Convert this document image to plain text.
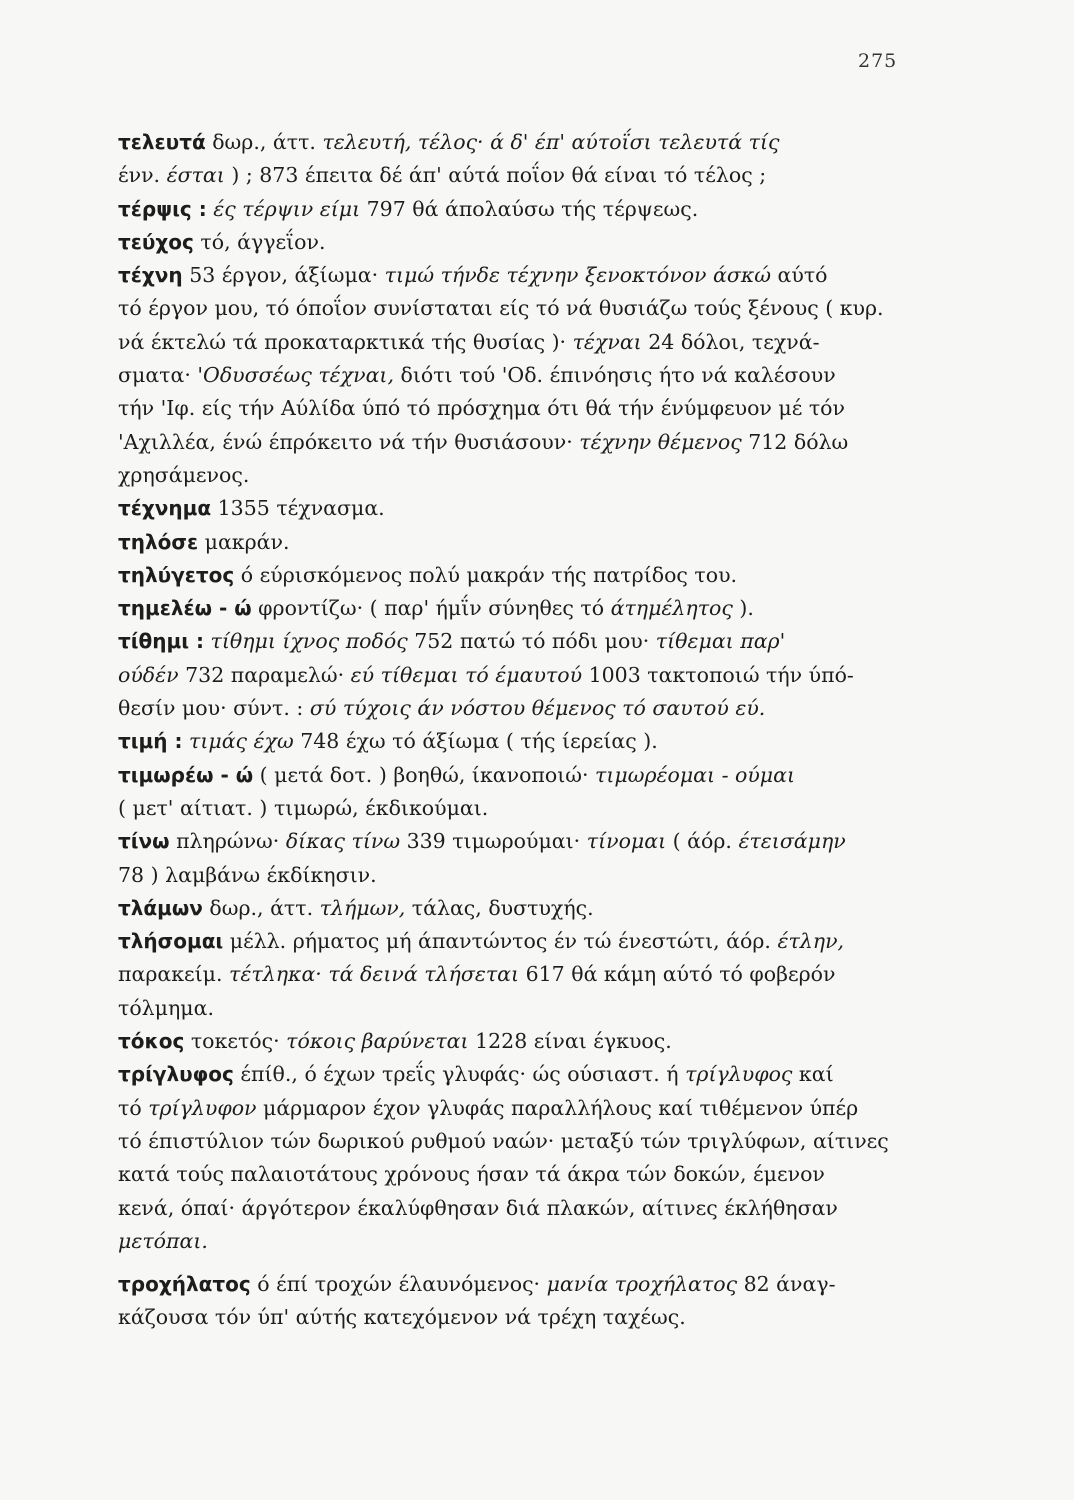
275
τελευτά δωρ., άττ. τελευτή, τέλος· ά δ' έπ' αύτοΐσι τελευτά τίς
ένν. έσται ) ; 873 έπειτα δέ άπ' αύτά ποΐον θά είναι τό τέλος ;
τέρψις : ές τέρψιν είμι 797 θά άπολαύσω τής τέρψεως.
τεύχος τό, άγγεΐον.
τέχνη 53 έργον, άξίωμα· τιμώ τήνδε τέχνην ξενοκτόνον άσκώ αύτό
τό έργον μου, τό όποΐον συνίσταται είς τό νά θυσιάζω τούς ξένους ( κυρ.
νά έκτελώ τά προκαταρκτικά τής θυσίας )· τέχναι 24 δόλοι, τεχνά-
σματα· 'Οδυσσέως τέχναι, διότι τού 'Οδ. έπινόησις ήτο νά καλέσουν
τήν 'Ιφ. είς τήν Αύλίδα ύπό τό πρόσχημα ότι θά τήν ένύμφευον μέ τόν
'Αχιλλέα, ένώ έπρόκειτο νά τήν θυσιάσουν· τέχνην θέμενος 712 δόλω
χρησάμενος.
τέχνημα 1355 τέχνασμα.
τηλόσε μακράν.
τηλύγετος ό εύρισκόμενος πολύ μακράν τής πατρίδος του.
τημελέω - ώ φροντίζω· ( παρ' ήμΐν σύνηθες τό άτημέλητος ).
τίθημι : τίθημι ίχνος ποδός 752 πατώ τό πόδι μου· τίθεμαι παρ'
ούδέν 732 παραμελώ· εύ τίθεμαι τό έμαυτού 1003 τακτοποιώ τήν ύπό-
θεσίν μου· σύντ. : σύ τύχοις άν νόστου θέμενος τό σαυτού εύ.
τιμή : τιμάς έχω 748 έχω τό άξίωμα ( τής ίερείας ).
τιμωρέω - ώ ( μετά δοτ. ) βοηθώ, ίκανοποιώ· τιμωρέομαι - ούμαι
( μετ' αίτιατ. ) τιμωρώ, έκδικούμαι.
τίνω πληρώνω· δίκας τίνω 339 τιμωρούμαι· τίνομαι ( άόρ. έτεισάμην
78 ) λαμβάνω έκδίκησιν.
τλάμων δωρ., άττ. τλήμων, τάλας, δυστυχής.
τλήσομαι μέλλ. ρήματος μή άπαντώντος έν τώ ένεστώτι, άόρ. έτλην,
παρακείμ. τέτληκα· τά δεινά τλήσεται 617 θά κάμη αύτό τό φοβερόν
τόλμημα.
τόκος τοκετός· τόκοις βαρύνεται 1228 είναι έγκυος.
τρίγλυφος έπίθ., ό έχων τρεΐς γλυφάς· ώς ούσιαστ. ή τρίγλυφος καί
τό τρίγλυφον μάρμαρον έχον γλυφάς παραλλήλους καί τιθέμενον ύπέρ
τό έπιστύλιον τών δωρικού ρυθμού ναών· μεταξύ τών τριγλύφων, αίτινες
κατά τούς παλαιοτάτους χρόνους ήσαν τά άκρα τών δοκών, έμενον
κενά, όπαί· άργότερον έκαλύφθησαν διά πλακών, αίτινες έκλήθησαν
μετόπαι.
τροχήλατος ό έπί τροχών έλαυνόμενος· μανία τροχήλατος 82 άναγ-
κάζουσα τόν ύπ' αύτής κατεχόμενον νά τρέχη ταχέως.
